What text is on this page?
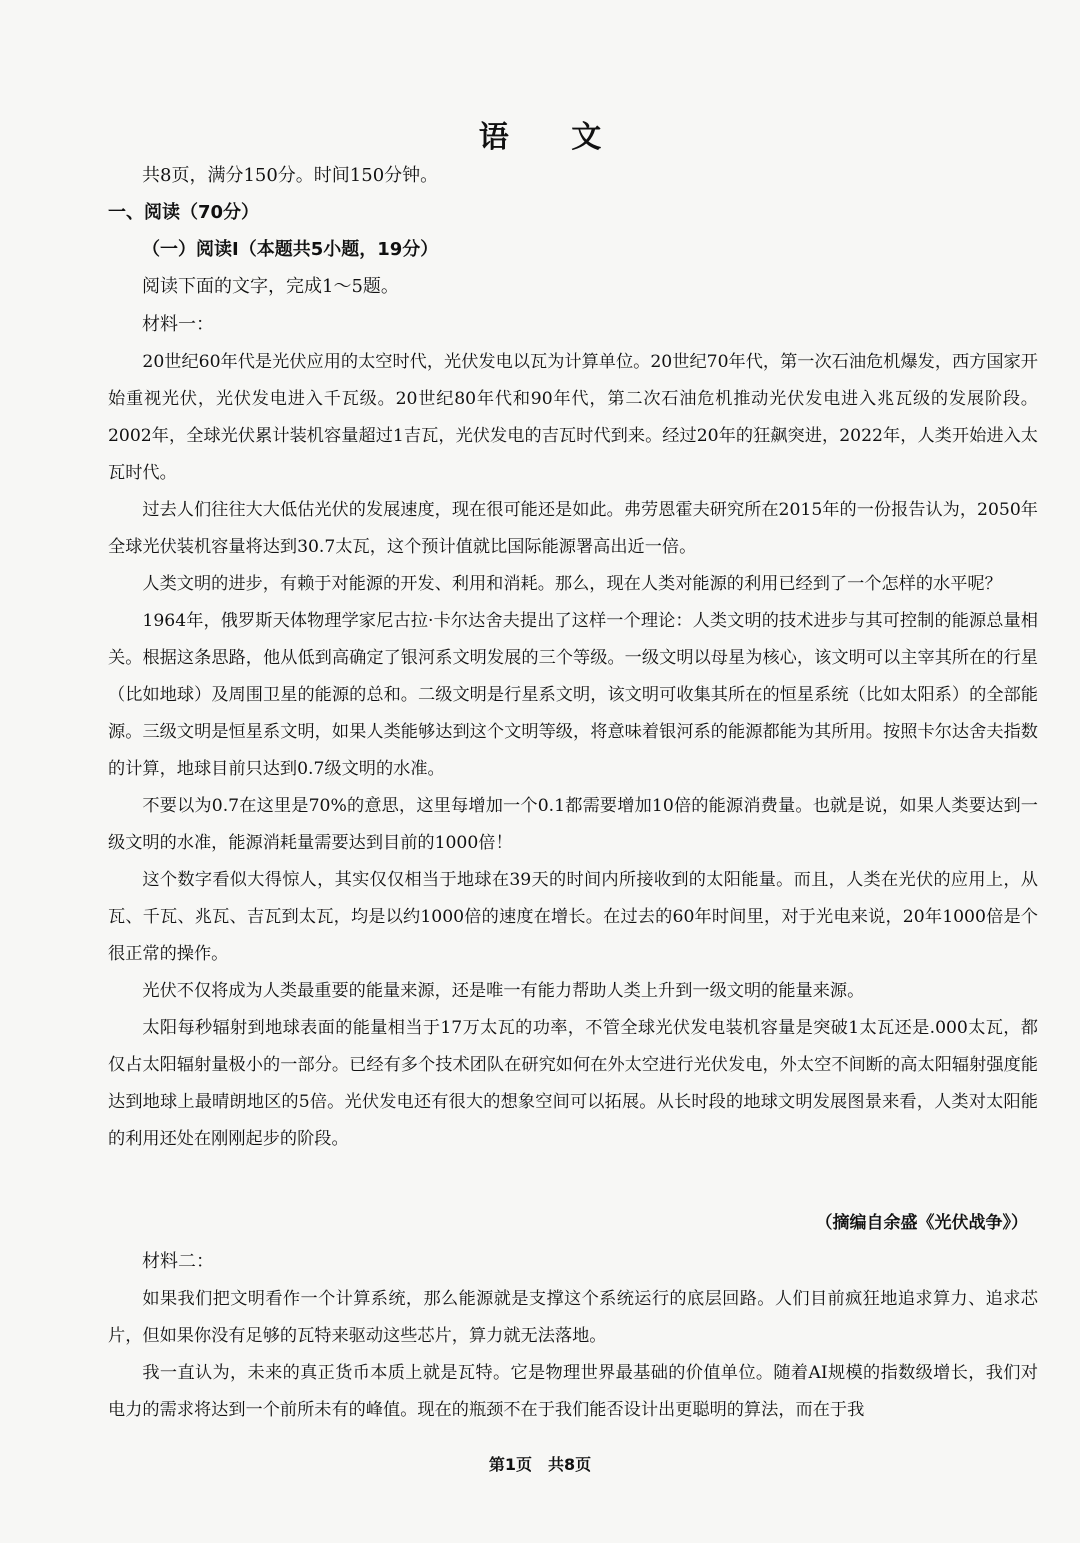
语 文
共8页，满分150分。时间150分钟。
一、阅读（70分）
（一）阅读Ⅰ（本题共5小题，19分）
阅读下面的文字，完成1～5题。
材料一：

20世纪60年代是光伏应用的太空时代，光伏发电以瓦为计算单位。20世纪70年代，第一次石油危机爆发，西方国家开始重视光伏，光伏发电进入千瓦级。20世纪80年代和90年代，第二次石油危机推动光伏发电进入兆瓦级的发展阶段。2002年，全球光伏累计装机容量超过1吉瓦，光伏发电的吉瓦时代到来。经过20年的狂飙突进，2022年，人类开始进入太瓦时代。

过去人们往往大大低估光伏的发展速度，现在很可能还是如此。弗劳恩霍夫研究所在2015年的一份报告认为，2050年全球光伏装机容量将达到30.7太瓦，这个预计值就比国际能源署高出近一倍。

人类文明的进步，有赖于对能源的开发、利用和消耗。那么，现在人类对能源的利用已经到了一个怎样的水平呢？

1964年，俄罗斯天体物理学家尼古拉·卡尔达舍夫提出了这样一个理论：人类文明的技术进步与其可控制的能源总量相关。根据这条思路，他从低到高确定了银河系文明发展的三个等级。一级文明以母星为核心，该文明可以主宰其所在的行星（比如地球）及周围卫星的能源的总和。二级文明是行星系文明，该文明可收集其所在的恒星系统（比如太阳系）的全部能源。三级文明是恒星系文明，如果人类能够达到这个文明等级，将意味着银河系的能源都能为其所用。按照卡尔达舍夫指数的计算，地球目前只达到0.7级文明的水准。

不要以为0.7在这里是70%的意思，这里每增加一个0.1都需要增加10倍的能源消费量。也就是说，如果人类要达到一级文明的水准，能源消耗量需要达到目前的1000倍！

这个数字看似大得惊人，其实仅仅相当于地球在39天的时间内所接收到的太阳能量。而且，人类在光伏的应用上，从瓦、千瓦、兆瓦、吉瓦到太瓦，均是以约1000倍的速度在增长。在过去的60年时间里，对于光电来说，20年1000倍是个很正常的操作。

光伏不仅将成为人类最重要的能量来源，还是唯一有能力帮助人类上升到一级文明的能量来源。

太阳每秒辐射到地球表面的能量相当于17万太瓦的功率，不管全球光伏发电装机容量是突破1太瓦还是.000太瓦，都仅占太阳辐射量极小的一部分。已经有多个技术团队在研究如何在外太空进行光伏发电，外太空不间断的高太阳辐射强度能达到地球上最晴朗地区的5倍。光伏发电还有很大的想象空间可以拓展。从长时段的地球文明发展图景来看，人类对太阳能的利用还处在刚刚起步的阶段。

（摘编自余盛《光伏战争》）
材料二：

如果我们把文明看作一个计算系统，那么能源就是支撑这个系统运行的底层回路。人们目前疯狂地追求算力、追求芯片，但如果你没有足够的瓦特来驱动这些芯片，算力就无法落地。

我一直认为，未来的真正货币本质上就是瓦特。它是物理世界最基础的价值单位。随着AI规模的指数级增长，我们对电力的需求将达到一个前所未有的峰值。现在的瓶颈不在于我们能否设计出更聪明的算法，而在于我

第1页　共8页
